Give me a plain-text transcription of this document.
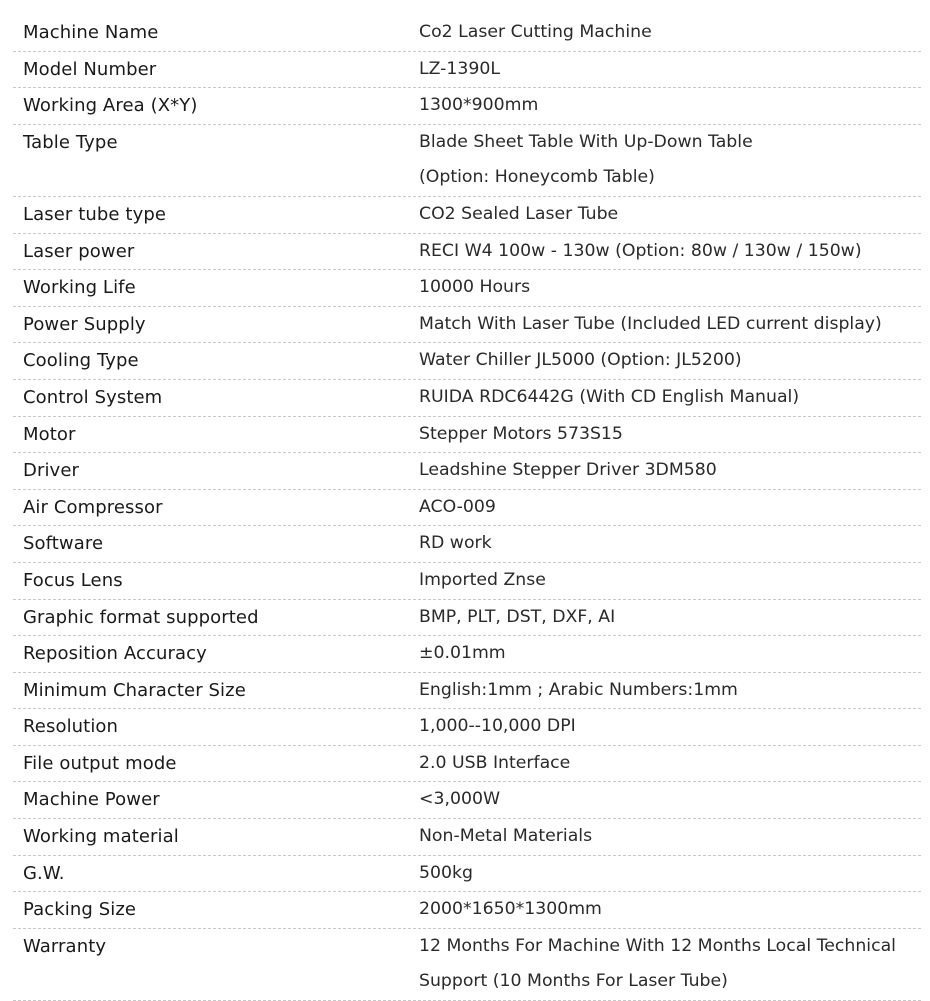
Machine Name	Co2 Laser Cutting Machine
Model Number	LZ-1390L
Working Area (X*Y)	1300*900mm
Table Type	Blade Sheet Table With Up-Down Table
(Option: Honeycomb Table)
Laser tube type	CO2 Sealed Laser Tube
Laser power	RECI W4 100w - 130w (Option: 80w / 130w / 150w)
Working Life	10000 Hours
Power Supply	Match With Laser Tube (Included LED current display)
Cooling Type	Water Chiller JL5000 (Option: JL5200)
Control System	RUIDA RDC6442G (With CD English Manual)
Motor	Stepper Motors 573S15
Driver	Leadshine Stepper Driver 3DM580
Air Compressor	ACO-009
Software	RD work
Focus Lens	Imported Znse
Graphic format supported	BMP, PLT, DST, DXF, AI
Reposition Accuracy	±0.01mm
Minimum Character Size	English:1mm ; Arabic Numbers:1mm
Resolution	1,000--10,000 DPI
File output mode	2.0 USB Interface
Machine Power	<3,000W
Working material	Non-Metal Materials
G.W.	500kg
Packing Size	2000*1650*1300mm
Warranty	12 Months For Machine With 12 Months Local Technical
Support (10 Months For Laser Tube)
